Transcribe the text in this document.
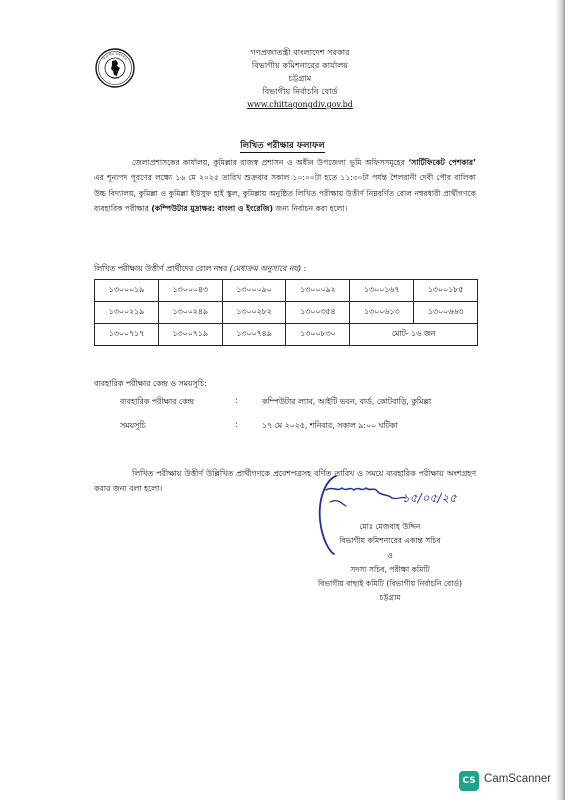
বিভাগীয় কমিশনার
সরকার
গণপ্রজাতন্ত্রী বাংলাদেশ সরকার
বিভাগীয় কমিশনারের কার্যালয়
চট্টগ্রাম
বিভাগীয় নির্বাচনি বোর্ড
www.chittagongdiv.gov.bd
লিখিত পরীক্ষার ফলাফল
জেলাপ্রশাসকের কার্যালয়, কুমিল্লার রাজস্ব প্রশাসন ও অধীন উপজেলা ভূমি অফিসসমূহের ‘সার্টিফিকেট পেশকার’ এর শূন্যপদ পূরণের লক্ষ্যে ১৬ মে ২০২৫ তারিখ শুক্রবার সকাল ১০:০০টা হতে ১১:৩০টা পর্যন্ত শৈলরানী দেবী পৌর বালিকা উচ্চ বিদ্যালয়, কুমিল্লা ও কুমিল্লা ইউসুফ হাই স্কুল, কুমিল্লায় অনুষ্ঠিত লিখিত পরীক্ষায় উত্তীর্ণ নিম্নবর্ণিত রোল নম্বরধারী প্রার্থীগণকে ব্যবহারিক পরীক্ষার (কম্পিউটার মুদ্রাক্ষর: বাংলা ও ইংরেজি) জন্য নির্বাচন করা হলো।
লিখিত পরীক্ষায় উত্তীর্ণ প্রার্থীদের রোল নম্বর (মেধাক্রম অনুসারে নয়) :
১৩০০০১৯	১৩০০০৪৩	১৩০০০৯০	১৩০০০৯২	১৩০০১৬৭	১৩০০১৮৫
১৩০০২১৯	১৩০০২৪৯	১৩০০২৮২	১৩০০৩৫৪	১৩০০৬১৩	১৩০০৬৬৩
১৩০০৭১৭	১৩০০৭১৯	১৩০০৭৪৯	১৩০০৮৩০	মোট- ১৬ জন	
ব্যবহারিক পরীক্ষার কেন্দ্র ও সময়সূচি:
ব্যবহারিক পরীক্ষার কেন্দ্র	:	কম্পিউটার ল্যাব, আইটি ভবন, বার্ড, কোটবাড়ি, কুমিল্লা
সময়সূচি	:	১৭ মে ২০২৫, শনিবার, সকাল ৯:০০ ঘটিকা
লিখিত পরীক্ষায় উত্তীর্ণ উল্লিখিত প্রার্থীগণকে প্রবেশপত্রসহ বর্ণিত তারিখ ও সময়ে ব্যবহারিক পরীক্ষায় অংশগ্রহণ করার জন্য বলা হলো।
১৫/০৫/২৫
মোঃ মেজবাহ উদ্দিন
বিভাগীয় কমিশনারের একান্ত সচিব
ও
সদস্য সচিব, পরীক্ষা কমিটি
বিভাগীয় বাছাই কমিটি (বিভাগীয় নির্বাচনি বোর্ড)
চট্টগ্রাম
CS CamScanner
